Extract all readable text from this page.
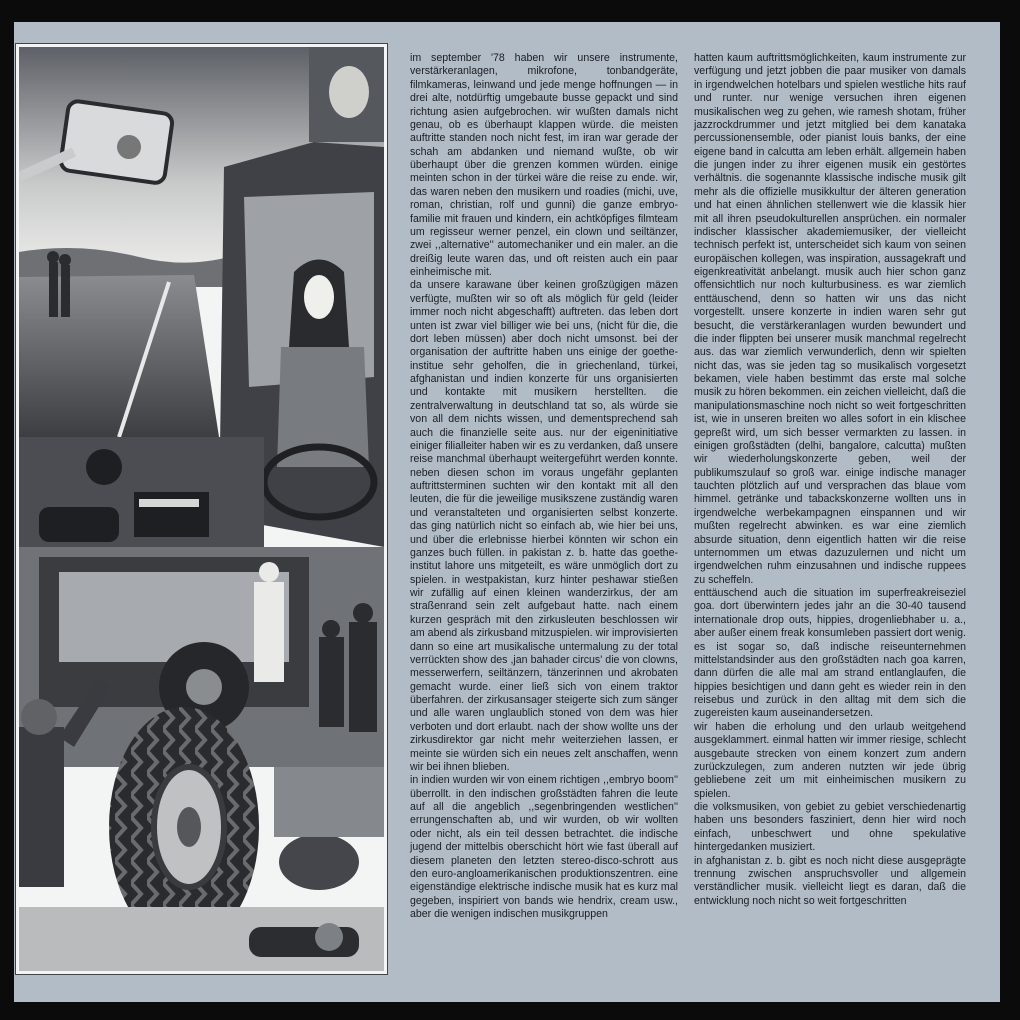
im september '78 haben wir unsere instrumente, verstärkeranlagen, mikrofone, tonbandgeräte, filmkameras, leinwand und jede menge hoffnungen — in drei alte, notdürftig umgebaute busse gepackt und sind richtung asien aufgebrochen. wir wußten damals nicht genau, ob es überhaupt klappen würde. die meisten auftritte standen noch nicht fest, im iran war gerade der schah am abdanken und niemand wußte, ob wir überhaupt über die grenzen kommen würden. einige meinten schon in der türkei wäre die reise zu ende. wir, das waren neben den musikern und roadies (michi, uve, roman, christian, rolf und gunni) die ganze embryo-familie mit frauen und kindern, ein achtköpfiges filmteam um regisseur werner penzel, ein clown und seiltänzer, zwei ,,alternative'' automechaniker und ein maler. an die dreißig leute waren das, und oft reisten auch ein paar einheimische mit.

da unsere karawane über keinen großzügigen mäzen verfügte, mußten wir so oft als möglich für geld (leider immer noch nicht abgeschafft) auftreten. das leben dort unten ist zwar viel billiger wie bei uns, (nicht für die, die dort leben müssen) aber doch nicht umsonst. bei der organisation der auftritte haben uns einige der goethe-institue sehr geholfen, die in griechenland, türkei, afghanistan und indien konzerte für uns organisierten und kontakte mit musikern herstellten. die zentralverwaltung in deutschland tat so, als würde sie von all dem nichts wissen, und dementsprechend sah auch die finanzielle seite aus. nur der eigeninitiative einiger filialleiter haben wir es zu verdanken, daß unsere reise manchmal überhaupt weitergeführt werden konnte. neben diesen schon im voraus ungefähr geplanten auftrittsterminen suchten wir den kontakt mit all den leuten, die für die jeweilige musikszene zuständig waren und veranstalteten und organisierten selbst konzerte. das ging natürlich nicht so einfach ab, wie hier bei uns, und über die erlebnisse hierbei könnten wir schon ein ganzes buch füllen. in pakistan z. b. hatte das goethe-institut lahore uns mitgeteilt, es wäre unmöglich dort zu spielen. in westpakistan, kurz hinter peshawar stießen wir zufällig auf einen kleinen wanderzirkus, der am straßenrand sein zelt aufgebaut hatte. nach einem kurzen gespräch mit den zirkusleuten beschlossen wir am abend als zirkusband mitzuspielen. wir improvisierten dann so eine art musikalische untermalung zu der total verrückten show des ,jan bahader circus' die von clowns, messerwerfern, seiltänzern, tänzerinnen und akrobaten gemacht wurde. einer ließ sich von einem traktor überfahren. der zirkusansager steigerte sich zum sänger und alle waren unglaublich stoned von dem was hier verboten und dort erlaubt. nach der show wollte uns der zirkusdirektor gar nicht mehr weiterziehen lassen, er meinte sie würden sich ein neues zelt anschaffen, wenn wir bei ihnen blieben.

in indien wurden wir von einem richtigen ,,embryo boom'' überrollt. in den indischen großstädten fahren die leute auf all die angeblich ,,segenbringenden westlichen'' errungenschaften ab, und wir wurden, ob wir wollten oder nicht, als ein teil dessen betrachtet. die indische jugend der mittelbis oberschicht hört wie fast überall auf diesem planeten den letzten stereo-disco-schrott aus den euro-angloamerikanischen produktionszentren. eine eigenständige elektrische indische musik hat es kurz mal gegeben, inspiriert von bands wie hendrix, cream usw., aber die wenigen indischen musikgruppen

hatten kaum auftrittsmöglichkeiten, kaum instrumente zur verfügung und jetzt jobben die paar musiker von damals in irgendwelchen hotelbars und spielen westliche hits rauf und runter. nur wenige versuchen ihren eigenen musikalischen weg zu gehen, wie ramesh shotam, früher jazzrockdrummer und jetzt mitglied bei dem kanataka percussionensemble, oder pianist louis banks, der eine eigene band in calcutta am leben erhält. allgemein haben die jungen inder zu ihrer eigenen musik ein gestörtes verhältnis. die sogenannte klassische indische musik gilt mehr als die offizielle musikkultur der älteren generation und hat einen ähnlichen stellenwert wie die klassik hier mit all ihren pseudokulturellen ansprüchen. ein normaler indischer klassischer akademiemusiker, der vielleicht technisch perfekt ist, unterscheidet sich kaum von seinen europäischen kollegen, was inspiration, aussagekraft und eigenkreativität anbelangt. musik auch hier schon ganz offensichtlich nur noch kulturbusiness. es war ziemlich enttäuschend, denn so hatten wir uns das nicht vorgestellt. unsere konzerte in indien waren sehr gut besucht, die verstärkeranlagen wurden bewundert und die inder flippten bei unserer musik manchmal regelrecht aus. das war ziemlich verwunderlich, denn wir spielten nicht das, was sie jeden tag so musikalisch vorgesetzt bekamen, viele haben bestimmt das erste mal solche musik zu hören bekommen. ein zeichen vielleicht, daß die manipulationsmaschine noch nicht so weit fortgeschritten ist, wie in unseren breiten wo alles sofort in ein klischee gepreßt wird, um sich besser vermarkten zu lassen. in einigen großstädten (delhi, bangalore, calcutta) mußten wir wiederholungskonzerte geben, weil der publikumszulauf so groß war. einige indische manager tauchten plötzlich auf und versprachen das blaue vom himmel. getränke und tabackskonzerne wollten uns in irgendwelche werbekampagnen einspannen und wir mußten regelrecht abwinken. es war eine ziemlich absurde situation, denn eigentlich hatten wir die reise unternommen um etwas dazuzulernen und nicht um irgendwelchen ruhm einzusahnen und indische ruppees zu scheffeln.

enttäuschend auch die situation im superfreakreiseziel goa. dort überwintern jedes jahr an die 30-40 tausend internationale drop outs, hippies, drogenliebhaber u. a., aber außer einem freak konsumleben passiert dort wenig. es ist sogar so, daß indische reiseunternehmen mittelstandsinder aus den großstädten nach goa karren, dann dürfen die alle mal am strand entlanglaufen, die hippies besichtigen und dann geht es wieder rein in den reisebus und zurück in den alltag mit dem sich die zugereisten kaum auseinandersetzen.

wir haben die erholung und den urlaub weitgehend ausgeklammert. einmal hatten wir immer riesige, schlecht ausgebaute strecken von einem konzert zum andern zurückzulegen, zum anderen nutzten wir jede übrig gebliebene zeit um mit einheimischen musikern zu spielen.

die volksmusiken, von gebiet zu gebiet verschiedenartig haben uns besonders fasziniert, denn hier wird noch einfach, unbeschwert und ohne spekulative hintergedanken musiziert.

in afghanistan z. b. gibt es noch nicht diese ausgeprägte trennung zwischen anspruchsvoller und allgemein verständlicher musik. vielleicht liegt es daran, daß die entwicklung noch nicht so weit fortgeschritten
